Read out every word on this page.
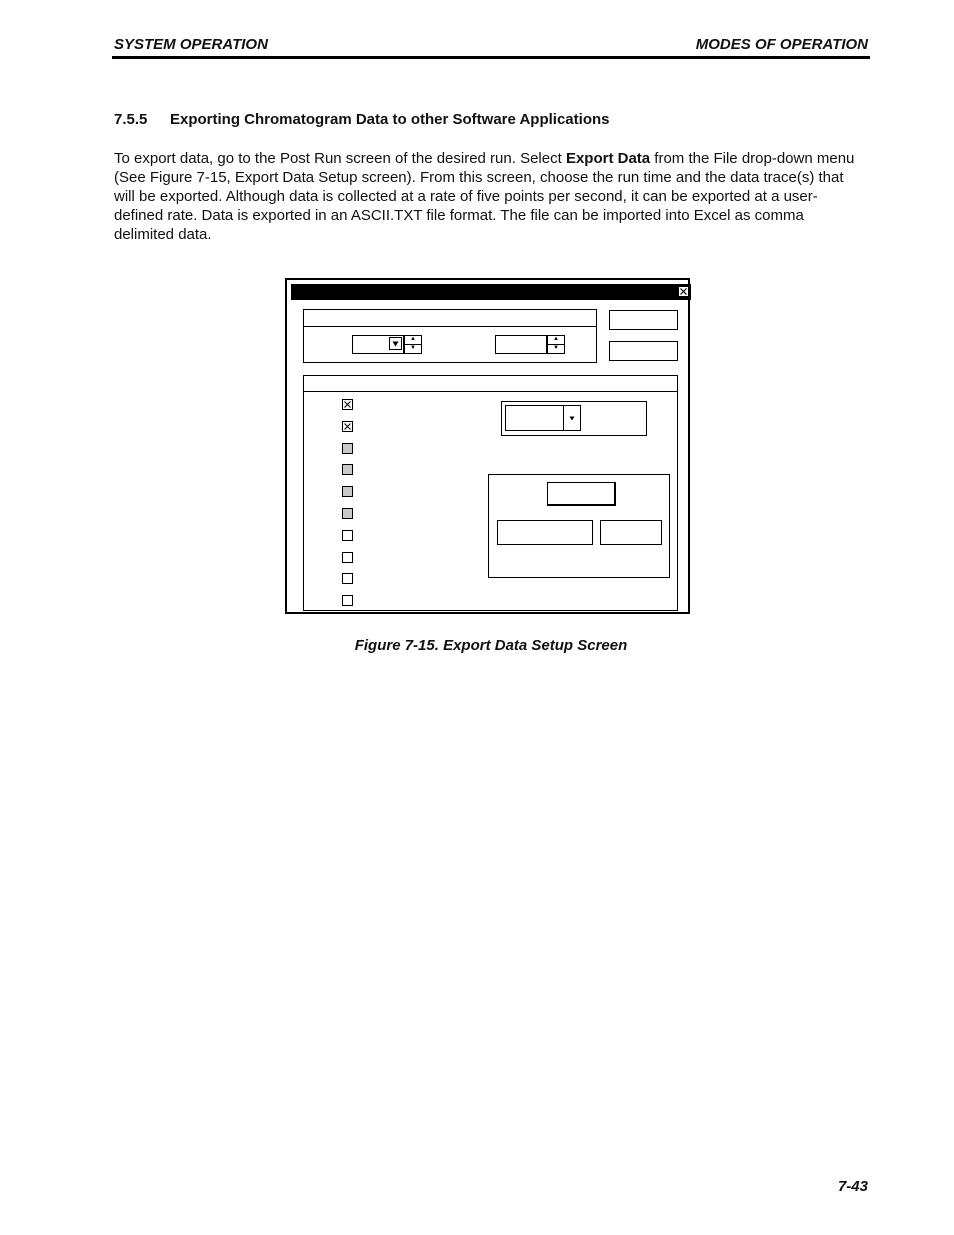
SYSTEM OPERATION	MODES OF OPERATION
7.5.5 Exporting Chromatogram Data to other Software Applications
To export data, go to the Post Run screen of the desired run. Select Export Data from the File drop-down menu (See Figure 7-15, Export Data Setup screen). From this screen, choose the run time and the data trace(s) that will be exported. Although data is collected at a rate of five points per second, it can be exported at a user-defined rate. Data is exported in an ASCII.TXT file format. The file can be imported into Excel as comma delimited data.
▲
▼
▲
▼
Figure 7-15. Export Data Setup Screen
7-43
